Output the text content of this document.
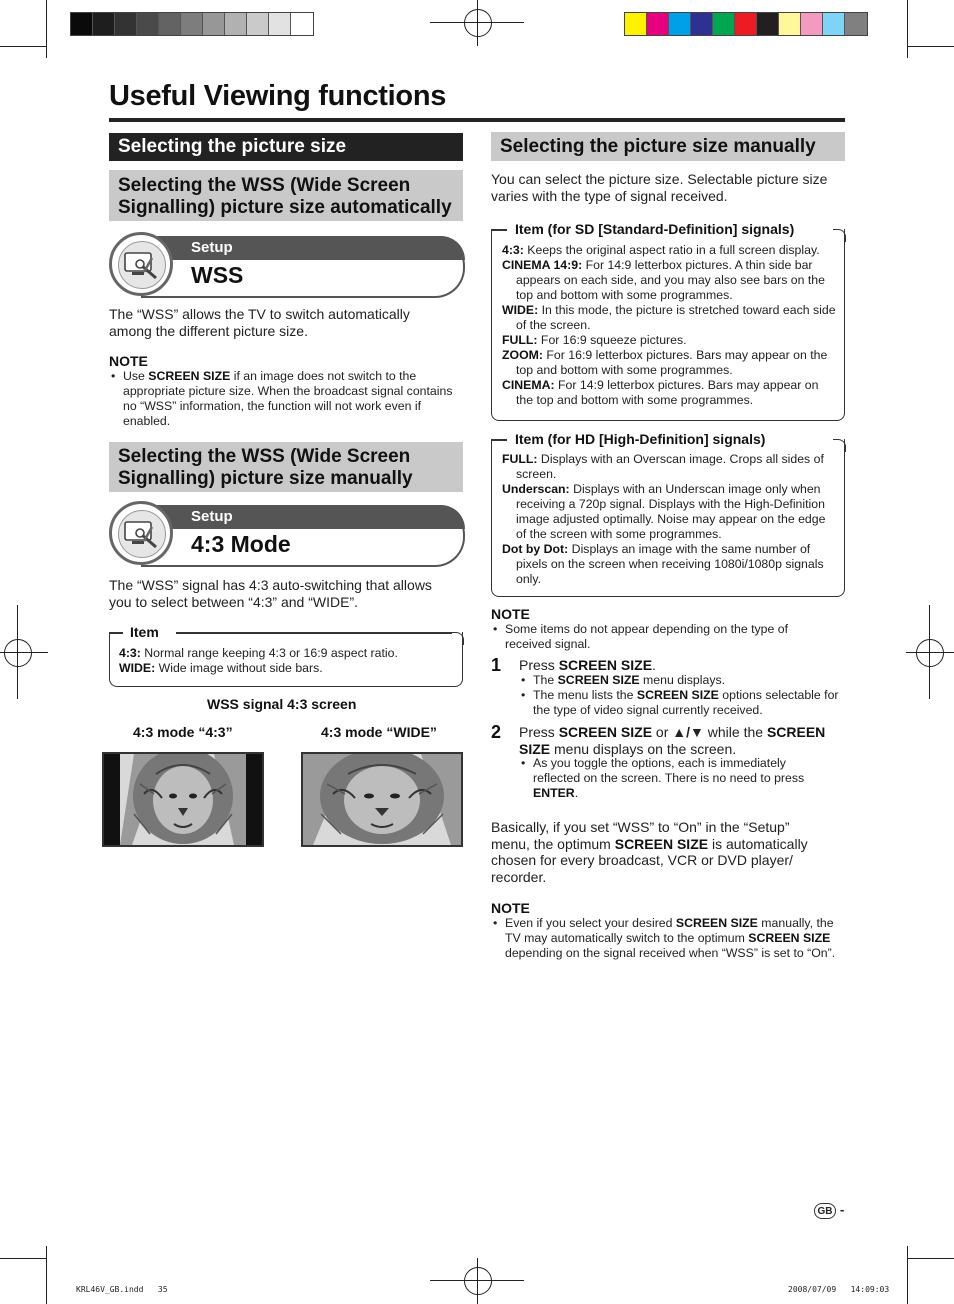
Useful Viewing functions
Selecting the picture size
Selecting the WSS (Wide Screen Signalling) picture size automatically
Setup
WSS
The “WSS” allows the TV to switch automatically among the different picture size.
NOTE
• Use SCREEN SIZE if an image does not switch to the appropriate picture size. When the broadcast signal contains no “WSS” information, the function will not work even if enabled.
Selecting the WSS (Wide Screen Signalling) picture size manually
Setup
4:3 Mode
The “WSS” signal has 4:3 auto-switching that allows you to select between “4:3” and “WIDE”.
Item
4:3: Normal range keeping 4:3 or 16:9 aspect ratio.
WIDE: Wide image without side bars.
WSS signal 4:3 screen
4:3 mode “4:3”	4:3 mode “WIDE”
Selecting the picture size manually
You can select the picture size. Selectable picture size varies with the type of signal received.
Item (for SD [Standard-Definition] signals)
4:3: Keeps the original aspect ratio in a full screen display.
CINEMA 14:9: For 14:9 letterbox pictures. A thin side bar appears on each side, and you may also see bars on the top and bottom with some programmes.
WIDE: In this mode, the picture is stretched toward each side of the screen.
FULL: For 16:9 squeeze pictures.
ZOOM: For 16:9 letterbox pictures. Bars may appear on the top and bottom with some programmes.
CINEMA: For 14:9 letterbox pictures. Bars may appear on the top and bottom with some programmes.
Item (for HD [High-Definition] signals)
FULL: Displays with an Overscan image. Crops all sides of screen.
Underscan: Displays with an Underscan image only when receiving a 720p signal. Displays with the High-Definition image adjusted optimally. Noise may appear on the edge of the screen with some programmes.
Dot by Dot: Displays an image with the same number of pixels on the screen when receiving 1080i/1080p signals only.
NOTE
• Some items do not appear depending on the type of received signal.
1 Press SCREEN SIZE.
• The SCREEN SIZE menu displays.
• The menu lists the SCREEN SIZE options selectable for the type of video signal currently received.
2 Press SCREEN SIZE or ▲/▼ while the SCREEN SIZE menu displays on the screen.
• As you toggle the options, each is immediately reflected on the screen. There is no need to press ENTER.
Basically, if you set “WSS” to “On” in the “Setup” menu, the optimum SCREEN SIZE is automatically chosen for every broadcast, VCR or DVD player/ recorder.
NOTE
• Even if you select your desired SCREEN SIZE manually, the TV may automatically switch to the optimum SCREEN SIZE depending on the signal received when “WSS” is set to “On”.
GB -
KRL46V_GB.indd   35	2008/07/09   14:09:03
